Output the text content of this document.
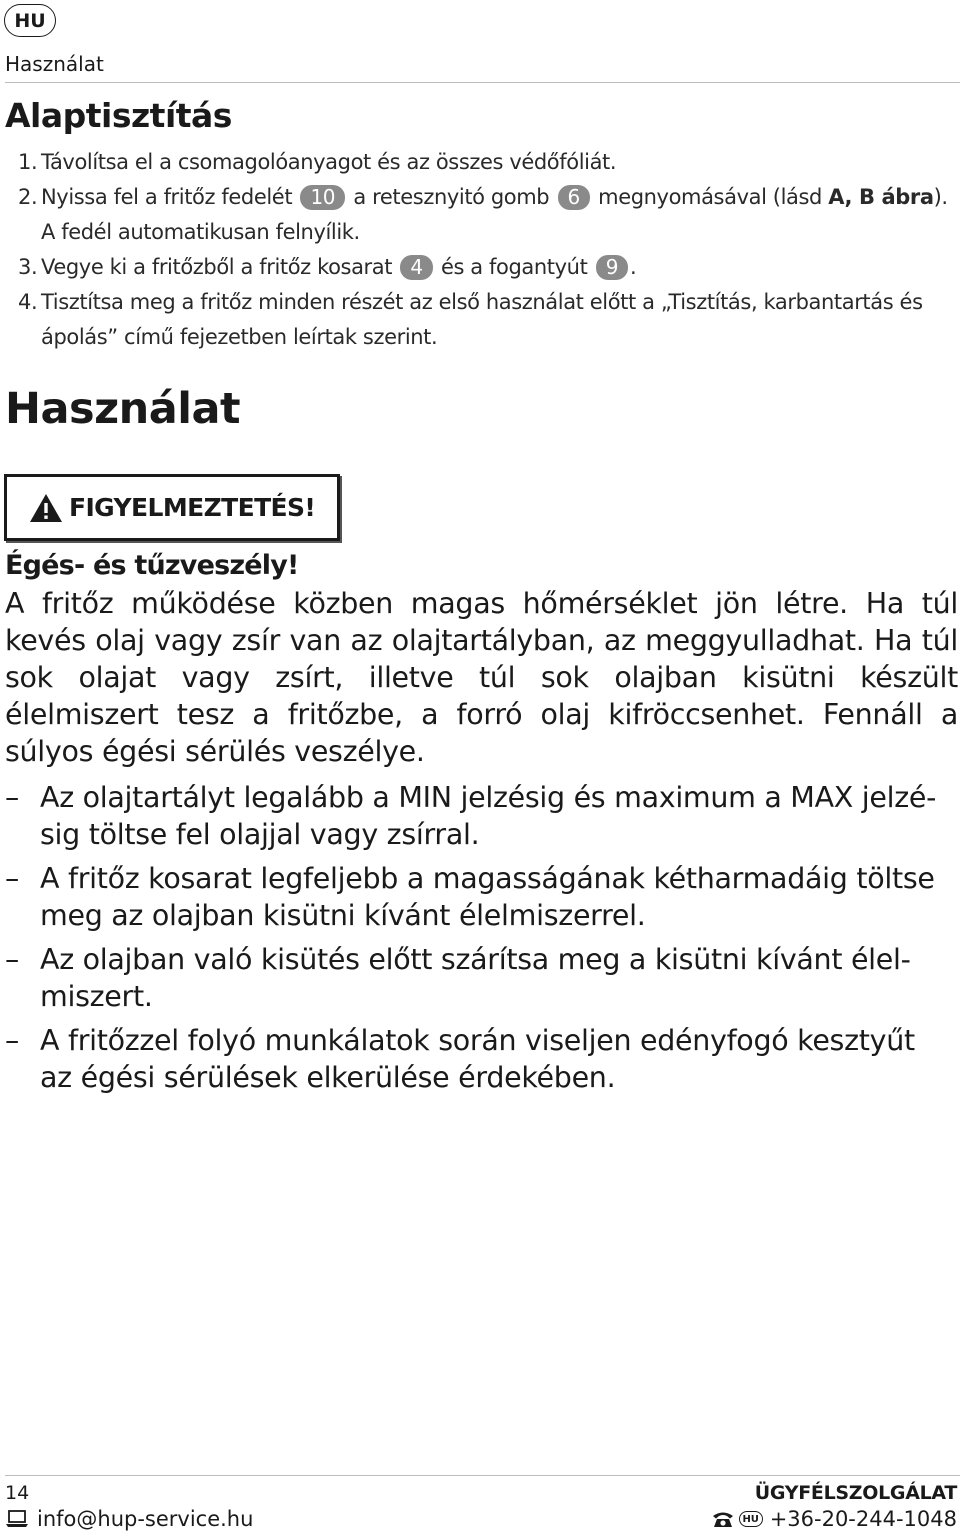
HU
Használat
Alaptisztítás
1. Távolítsa el a csomagolóanyagot és az összes védőfóliát.
2. Nyissa fel a fritőz fedelét 10 a retesznyitó gomb 6 megnyomásával (lásd A, B ábra).
A fedél automatikusan felnyílik.
3. Vegye ki a fritőzből a fritőz kosarat 4 és a fogantyút 9 .
4. Tisztítsa meg a fritőz minden részét az első használat előtt a „Tisztítás, karbantartás és ápolás” című fejezetben leírtak szerint.
Használat
FIGYELMEZTETÉS!
Égés- és tűzveszély!

A fritőz működése közben magas hőmérséklet jön létre. Ha túl kevés olaj vagy zsír van az olajtartályban, az meggyulladhat. Ha túl sok olajat vagy zsírt, illetve túl sok olajban kisütni készült élelmiszert tesz a fritőzbe, a forró olaj kifröccsenhet. Fennáll a súlyos égési sérülés veszélye.

– Az olajtartályt legalább a MIN jelzésig és maximum a MAX jelzésig töltse fel olajjal vagy zsírral.
– A fritőz kosarat legfeljebb a magasságának kétharmadáig töltse meg az olajban kisütni kívánt élelmiszerrel.
– Az olajban való kisütés előtt szárítsa meg a kisütni kívánt élelmiszert.
– A fritőzzel folyó munkálatok során viseljen edényfogó kesztyűt az égési sérülések elkerülése érdekében.
14	ÜGYFÉLSZOLGÁLAT
info@hup-service.hu	HU +36-20-244-1048
